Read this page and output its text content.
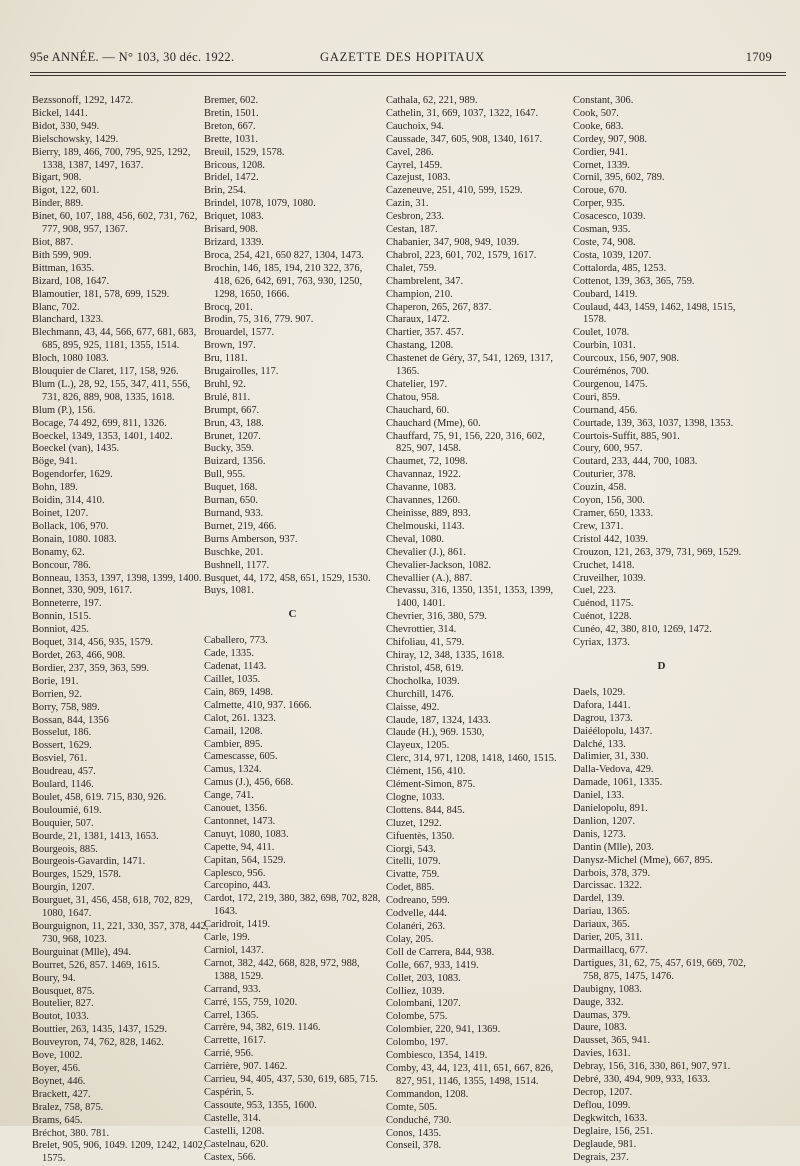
95e ANNÉE. — N° 103, 30 déc. 1922.	GAZETTE DES HOPITAUX	1709
Bezssonoff, 1292, 1472.
Bickel, 1441.
Bidot, 330, 949.
Bielschowsky, 1429.
Bierry, 189, 466, 700, 795, 925, 1292, 1338, 1387, 1497, 1637.
Bigart, 908.
Bigot, 122, 601.
Binder, 889.
Binet, 60, 107, 188, 456, 602, 731, 762, 777, 908, 957, 1367.
Biot, 887.
Bith 599, 909.
Bittman, 1635.
Bizard, 108, 1647.
Blamoutier, 181, 578, 699, 1529.
Blanc, 702.
Blanchard, 1323.
Blechmann, 43, 44, 566, 677, 681, 683, 685, 895, 925, 1181, 1355, 1514.
Bloch, 1080 1083.
Blouquier de Claret, 117, 158, 926.
Blum (L.), 28, 92, 155, 347, 411, 556, 731, 826, 889, 908, 1335, 1618.
Blum (P.), 156.
Bocage, 74 492, 699, 811, 1326.
Boeckel, 1349, 1353, 1401, 1402.
Boeckel (van), 1435.
Böge, 941.
Bogendorfer, 1629.
Bohn, 189.
Boidin, 314, 410.
Boinet, 1207.
Bollack, 106, 970.
Bonain, 1080. 1083.
Bonamy, 62.
Boncour, 786.
Bonneau, 1353, 1397, 1398, 1399, 1400.
Bonnet, 330, 909, 1617.
Bonneterre, 197.
Bonnin, 1515.
Bonniot, 425.
Boquet, 314, 456, 935, 1579.
Bordet, 263, 466, 908.
Bordier, 237, 359, 363, 599.
Borie, 191.
Borrien, 92.
Borry, 758, 989.
Bossan, 844, 1356
Bosselut, 186.
Bossert, 1629.
Bosviel, 761.
Boudreau, 457.
Boulard, 1146.
Boulet, 458, 619. 715, 830, 926.
Bouloumié, 619.
Bouquier, 507.
Bourde, 21, 1381, 1413, 1653.
Bourgeois, 885.
Bourgeois-Gavardin, 1471.
Bourges, 1529, 1578.
Bourgin, 1207.
Bourguet, 31, 456, 458, 618, 702, 829, 1080, 1647.
Bourguignon, 11, 221, 330, 357, 378, 442, 730, 968, 1023.
Bourguinat (Mlle), 494.
Bourret, 526, 857. 1469, 1615.
Boury, 94.
Bousquet, 875.
Boutelier, 827.
Boutot, 1033.
Bouttier, 263, 1435, 1437, 1529.
Bouveyron, 74, 762, 828, 1462.
Bove, 1002.
Boyer, 456.
Boynet, 446.
Brackett, 427.
Bralez, 758, 875.
Brams, 645.
Bréchot, 380. 781.
Brelet, 905, 906, 1049. 1209, 1242, 1402, 1575.
Bremer, 602.
Bretin, 1501.
Breton, 667.
Brette, 1031.
Breuil, 1529, 1578.
Bricous, 1208.
Bridel, 1472.
Brin, 254.
Brindel, 1078, 1079, 1080.
Briquet, 1083.
Brisard, 908.
Brizard, 1339.
Broca, 254, 421, 650 827, 1304, 1473.
Brochin, 146, 185, 194, 210 322, 376, 418, 626, 642, 691, 763, 930, 1250, 1298, 1650, 1666.
Brocq, 201.
Brodin, 75, 316, 779. 907.
Brouardel, 1577.
Brown, 197.
Bru, 1181.
Brugairolles, 117.
Bruhl, 92.
Brulé, 811.
Brumpt, 667.
Brun, 43, 188.
Brunet, 1207.
Bucky, 359.
Buizard, 1356.
Bull, 955.
Buquet, 168.
Burnan, 650.
Burnand, 933.
Burnet, 219, 466.
Burns Amberson, 937.
Buschke, 201.
Bushnell, 1177.
Busquet, 44, 172, 458, 651, 1529, 1530.
Buys, 1081.
C
Caballero, 773.
Cade, 1335.
Cadenat, 1143.
Caillet, 1035.
Cain, 869, 1498.
Calmette, 410, 937. 1666.
Calot, 261. 1323.
Camail, 1208.
Cambier, 895.
Camescasse, 605.
Camus, 1324.
Camus (J.), 456, 668.
Cange, 741.
Canouet, 1356.
Cantonnet, 1473.
Canuyt, 1080, 1083.
Capette, 94, 411.
Capitan, 564, 1529.
Caplesco, 956.
Carcopino, 443.
Cardot, 172, 219, 380, 382, 698, 702, 828, 1643.
Caridroit, 1419.
Carle, 199.
Carniol, 1437.
Carnot, 382, 442, 668, 828, 972, 988, 1388, 1529.
Carrand, 933.
Carré, 155, 759, 1020.
Carrel, 1365.
Carrère, 94, 382, 619. 1146.
Carrette, 1617.
Carrié, 956.
Carrière, 907. 1462.
Carrieu, 94, 405, 437, 530, 619, 685, 715.
Caspérin, 5.
Cassoute, 953, 1355, 1600.
Castelle, 314.
Castelli, 1208.
Castelnau, 620.
Castex, 566.
Cathala, 62, 221, 989.
Cathelin, 31, 669, 1037, 1322, 1647.
Cauchoix, 94.
Caussade, 347, 605, 908, 1340, 1617.
Cavel, 286.
Cayrel, 1459.
Cazejust, 1083.
Cazeneuve, 251, 410, 599, 1529.
Cazin, 31.
Cesbron, 233.
Cestan, 187.
Chabanier, 347, 908, 949, 1039.
Chabrol, 223, 601, 702, 1579, 1617.
Chalet, 759.
Chambrelent, 347.
Champion, 210.
Chaperon, 265, 267, 837.
Charaux, 1472.
Chartier, 357. 457.
Chastang, 1208.
Chastenet de Géry, 37, 541, 1269, 1317, 1365.
Chatelier, 197.
Chatou, 958.
Chauchard, 60.
Chauchard (Mme), 60.
Chauffard, 75, 91, 156, 220, 316, 602, 825, 907, 1458.
Chaumet, 72, 1098.
Chavannaz, 1922.
Chavanne, 1083.
Chavannes, 1260.
Cheinisse, 889, 893.
Chelmouski, 1143.
Cheval, 1080.
Chevalier (J.), 861.
Chevalier-Jackson, 1082.
Chevallier (A.), 887.
Chevassu, 316, 1350, 1351, 1353, 1399, 1400, 1401.
Chevrier, 316, 380, 579.
Chevrottier, 314.
Chifoliau, 41, 579.
Chiray, 12, 348, 1335, 1618.
Christol, 458, 619.
Chocholka, 1039.
Churchill, 1476.
Claisse, 492.
Claude, 187, 1324, 1433.
Claude (H.), 969. 1530,
Clayeux, 1205.
Clerc, 314, 971, 1208, 1418, 1460, 1515.
Clément, 156, 410.
Clément-Simon, 875.
Clogne, 1033.
Clottens. 844, 845.
Cluzet, 1292.
Cifuentès, 1350.
Ciorgi, 543.
Citelli, 1079.
Civatte, 759.
Codet, 885.
Codreano, 599.
Codvelle, 444.
Colanéri, 263.
Colay, 205.
Coll de Carrera, 844, 938.
Colle, 667, 933, 1419.
Collet, 203, 1083.
Colliez, 1039.
Colombani, 1207.
Colombe, 575.
Colombier, 220, 941, 1369.
Colombo, 197.
Combiesco, 1354, 1419.
Comby, 43, 44, 123, 411, 651, 667, 826, 827, 951, 1146, 1355, 1498, 1514.
Commandon, 1208.
Comte, 505.
Conduché, 730.
Conos, 1435.
Conseil, 378.
Constant, 306.
Cook, 507.
Cooke, 683.
Cordey, 907, 908.
Cordier, 941.
Cornet, 1339.
Cornil, 395, 602, 789.
Coroue, 670.
Corper, 935.
Cosacesco, 1039.
Cosman, 935.
Coste, 74, 908.
Costa, 1039, 1207.
Cottalorda, 485, 1253.
Cottenot, 139, 363, 365, 759.
Coubard, 1419.
Coulaud, 443, 1459, 1462, 1498, 1515, 1578.
Coulet, 1078.
Courbin, 1031.
Courcoux, 156, 907, 908.
Couréménos, 700.
Courgenou, 1475.
Couri, 859.
Cournand, 456.
Courtade, 139, 363, 1037, 1398, 1353.
Courtois-Suffit, 885, 901.
Coury, 600, 957.
Coutard, 233, 444, 700, 1083.
Couturier, 378.
Couzin, 458.
Coyon, 156, 300.
Cramer, 650, 1333.
Crew, 1371.
Cristol 442, 1039.
Crouzon, 121, 263, 379, 731, 969, 1529.
Cruchet, 1418.
Cruveilher, 1039.
Cuel, 223.
Cuénod, 1175.
Cuénot, 1228.
Cunéo, 42, 380, 810, 1269, 1472.
Cyriax, 1373.
D
Daels, 1029.
Dafora, 1441.
Dagrou, 1373.
Daiéélopolu, 1437.
Dalché, 133.
Dalimier, 31, 330.
Dalla-Vedova, 429.
Damade, 1061, 1335.
Daniel, 133.
Danielopolu, 891.
Danlion, 1207.
Danis, 1273.
Dantin (Mlle), 203.
Danysz-Michel (Mme), 667, 895.
Darbois, 378, 379.
Darcissac. 1322.
Dardel, 139.
Dariau, 1365.
Dariaux, 365.
Darier, 205, 311.
Darmaillacq, 677.
Dartigues, 31, 62, 75, 457, 619, 669, 702, 758, 875, 1475, 1476.
Daubigny, 1083.
Dauge, 332.
Daumas, 379.
Daure, 1083.
Dausset, 365, 941.
Davies, 1631.
Debray, 156, 316, 330, 861, 907, 971.
Debré, 330, 494, 909, 933, 1633.
Decrop, 1207.
Deflou, 1099.
Degkwitch, 1633.
Deglaire, 156, 251.
Deglaude, 981.
Degrais, 237.
